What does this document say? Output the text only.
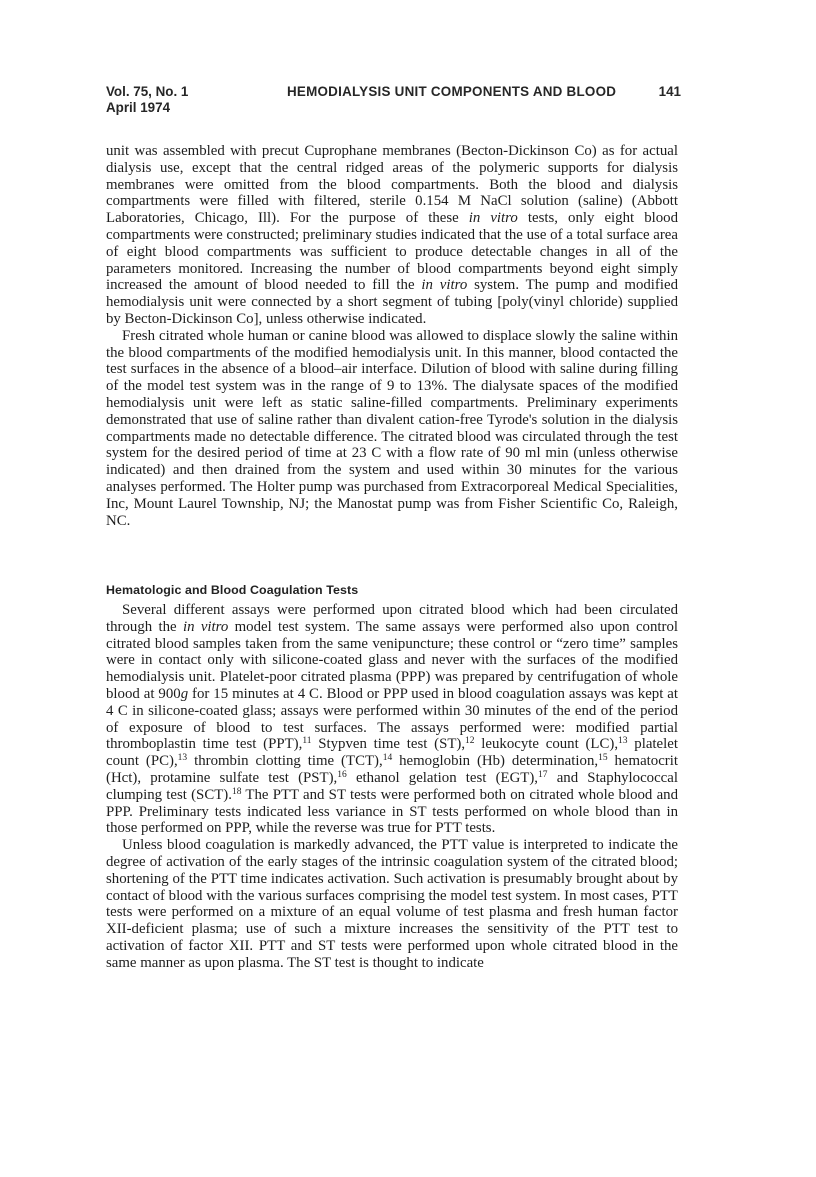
Vol. 75, No. 1
April 1974
HEMODIALYSIS UNIT COMPONENTS AND BLOOD	141

unit was assembled with precut Cuprophane membranes (Becton-Dickinson Co) as for actual dialysis use, except that the central ridged areas of the polymeric supports for dialysis membranes were omitted from the blood compartments. Both the blood and dialysis compartments were filled with filtered, sterile 0.154 M NaCl solution (saline) (Abbott Laboratories, Chicago, Ill). For the purpose of these in vitro tests, only eight blood compartments were constructed; preliminary studies indicated that the use of a total surface area of eight blood compartments was sufficient to produce detectable changes in all of the parameters monitored. Increasing the number of blood compartments beyond eight simply increased the amount of blood needed to fill the in vitro system. The pump and modified hemodialysis unit were connected by a short segment of tubing [poly(vinyl chloride) supplied by Becton-Dickinson Co], unless otherwise indicated.

Fresh citrated whole human or canine blood was allowed to displace slowly the saline within the blood compartments of the modified hemodialysis unit. In this manner, blood contacted the test surfaces in the absence of a blood–air interface. Dilution of blood with saline during filling of the model test system was in the range of 9 to 13%. The dialysate spaces of the modified hemodialysis unit were left as static saline-filled compartments. Preliminary experiments demonstrated that use of saline rather than divalent cation-free Tyrode's solution in the dialysis compartments made no detectable difference. The citrated blood was circulated through the test system for the desired period of time at 23 C with a flow rate of 90 ml min (unless otherwise indicated) and then drained from the system and used within 30 minutes for the various analyses performed. The Holter pump was purchased from Extracorporeal Medical Specialities, Inc, Mount Laurel Township, NJ; the Manostat pump was from Fisher Scientific Co, Raleigh, NC.

Hematologic and Blood Coagulation Tests

Several different assays were performed upon citrated blood which had been circulated through the in vitro model test system. The same assays were performed also upon control citrated blood samples taken from the same venipuncture; these control or “zero time” samples were in contact only with silicone-coated glass and never with the surfaces of the modified hemodialysis unit. Platelet-poor citrated plasma (PPP) was prepared by centrifugation of whole blood at 900g for 15 minutes at 4 C. Blood or PPP used in blood coagulation assays was kept at 4 C in silicone-coated glass; assays were performed within 30 minutes of the end of the period of exposure of blood to test surfaces. The assays performed were: modified partial thromboplastin time test (PPT),$^{11}$ Stypven time test (ST),$^{12}$ leukocyte count (LC),$^{13}$ platelet count (PC),$^{13}$ thrombin clotting time (TCT),$^{14}$ hemoglobin (Hb) determination,$^{15}$ hematocrit (Hct), protamine sulfate test (PST),$^{16}$ ethanol gelation test (EGT),$^{17}$ and Staphylococcal clumping test (SCT).$^{18}$ The PTT and ST tests were performed both on citrated whole blood and PPP. Preliminary tests indicated less variance in ST tests performed on whole blood than in those performed on PPP, while the reverse was true for PTT tests.

Unless blood coagulation is markedly advanced, the PTT value is interpreted to indicate the degree of activation of the early stages of the intrinsic coagulation system of the citrated blood; shortening of the PTT time indicates activation. Such activation is presumably brought about by contact of blood with the various surfaces comprising the model test system. In most cases, PTT tests were performed on a mixture of an equal volume of test plasma and fresh human factor XII-deficient plasma; use of such a mixture increases the sensitivity of the PTT test to activation of factor XII. PTT and ST tests were performed upon whole citrated blood in the same manner as upon plasma. The ST test is thought to indicate
